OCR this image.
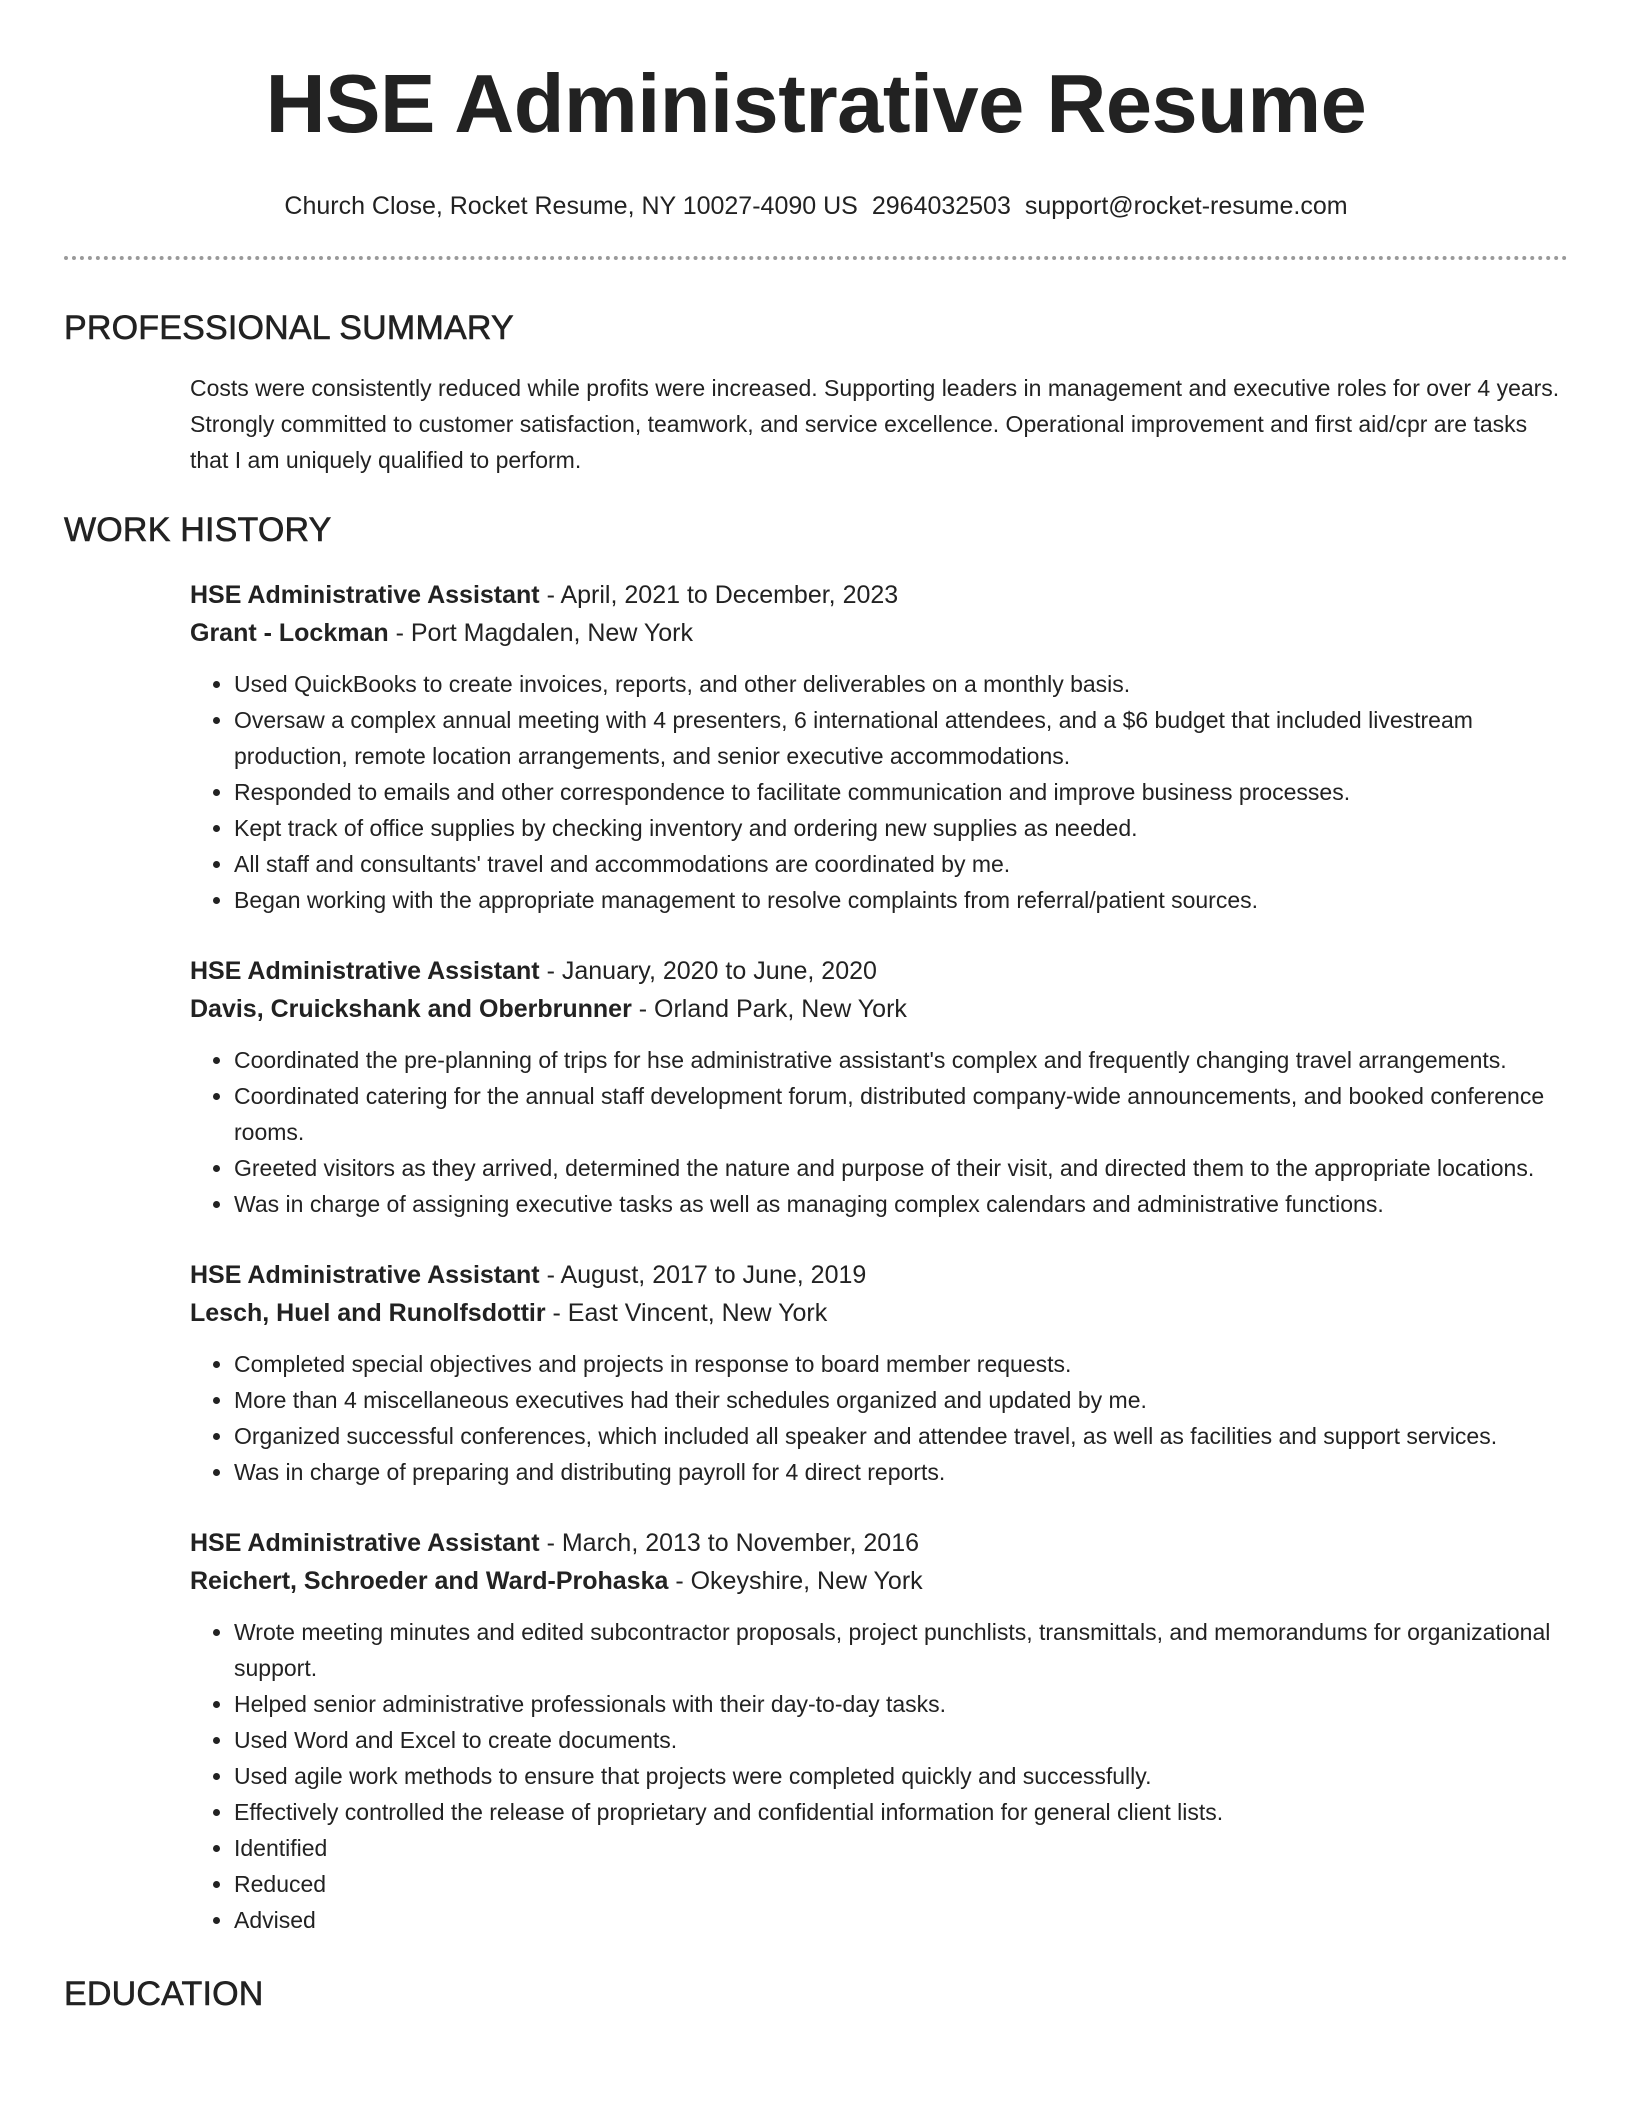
HSE Administrative Resume
Church Close, Rocket Resume, NY 10027-4090 US 2964032503 support@rocket-resume.com
PROFESSIONAL SUMMARY

Costs were consistently reduced while profits were increased. Supporting leaders in management and executive roles for over 4 years. Strongly committed to customer satisfaction, teamwork, and service excellence. Operational improvement and first aid/cpr are tasks that I am uniquely qualified to perform.

WORK HISTORY
HSE Administrative Assistant - April, 2021 to December, 2023
Grant - Lockman - Port Magdalen, New York
• Used QuickBooks to create invoices, reports, and other deliverables on a monthly basis.
• Oversaw a complex annual meeting with 4 presenters, 6 international attendees, and a $6 budget that included livestream production, remote location arrangements, and senior executive accommodations.
• Responded to emails and other correspondence to facilitate communication and improve business processes.
• Kept track of office supplies by checking inventory and ordering new supplies as needed.
• All staff and consultants' travel and accommodations are coordinated by me.
• Began working with the appropriate management to resolve complaints from referral/patient sources.
HSE Administrative Assistant - January, 2020 to June, 2020
Davis, Cruickshank and Oberbrunner - Orland Park, New York
• Coordinated the pre-planning of trips for hse administrative assistant's complex and frequently changing travel arrangements.
• Coordinated catering for the annual staff development forum, distributed company-wide announcements, and booked conference rooms.
• Greeted visitors as they arrived, determined the nature and purpose of their visit, and directed them to the appropriate locations.
• Was in charge of assigning executive tasks as well as managing complex calendars and administrative functions.
HSE Administrative Assistant - August, 2017 to June, 2019
Lesch, Huel and Runolfsdottir - East Vincent, New York
• Completed special objectives and projects in response to board member requests.
• More than 4 miscellaneous executives had their schedules organized and updated by me.
• Organized successful conferences, which included all speaker and attendee travel, as well as facilities and support services.
• Was in charge of preparing and distributing payroll for 4 direct reports.
HSE Administrative Assistant - March, 2013 to November, 2016
Reichert, Schroeder and Ward-Prohaska - Okeyshire, New York
• Wrote meeting minutes and edited subcontractor proposals, project punchlists, transmittals, and memorandums for organizational support.
• Helped senior administrative professionals with their day-to-day tasks.
• Used Word and Excel to create documents.
• Used agile work methods to ensure that projects were completed quickly and successfully.
• Effectively controlled the release of proprietary and confidential information for general client lists.
• Identified
• Reduced
• Advised
EDUCATION
